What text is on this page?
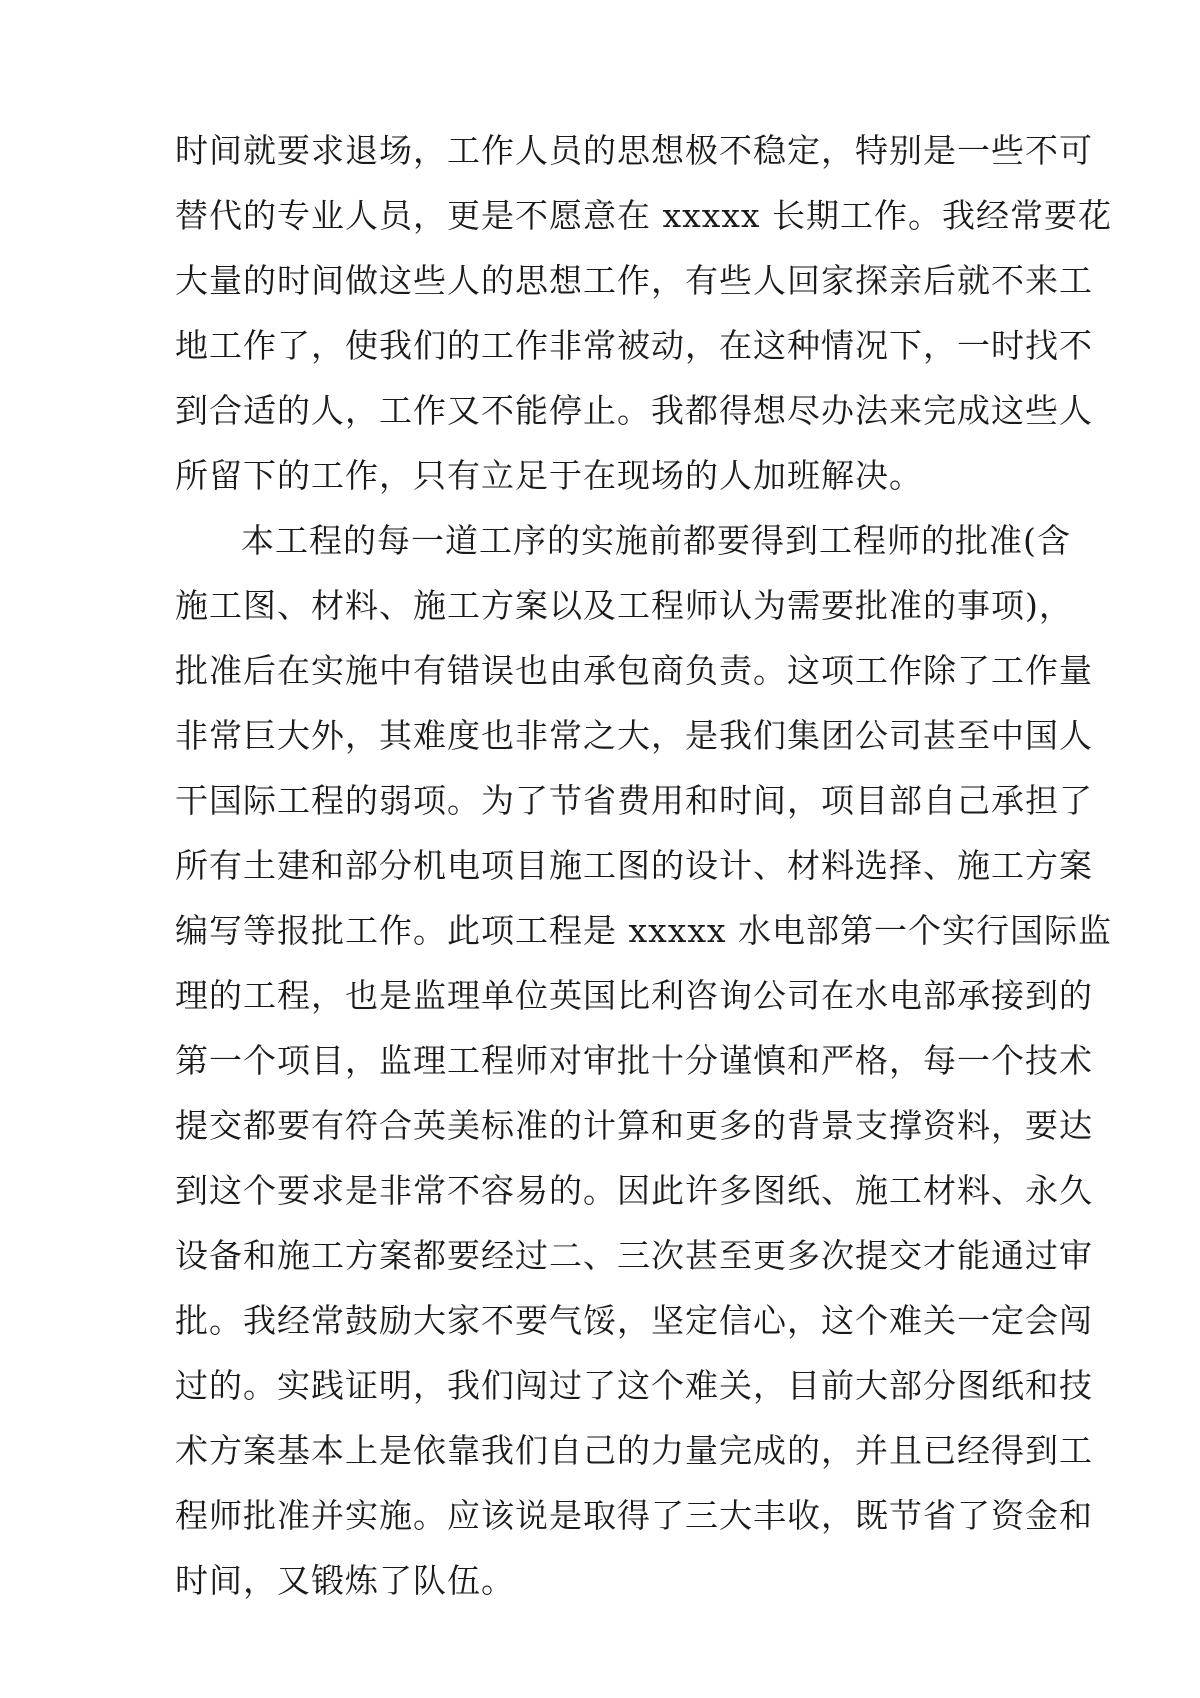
时间就要求退场，工作人员的思想极不稳定，特别是一些不可
替代的专业人员，更是不愿意在 xxxxx 长期工作。我经常要花
大量的时间做这些人的思想工作，有些人回家探亲后就不来工
地工作了，使我们的工作非常被动，在这种情况下，一时找不
到合适的人，工作又不能停止。我都得想尽办法来完成这些人
所留下的工作，只有立足于在现场的人加班解决。

本工程的每一道工序的实施前都要得到工程师的批准(含
施工图、材料、施工方案以及工程师认为需要批准的事项)，
批准后在实施中有错误也由承包商负责。这项工作除了工作量
非常巨大外，其难度也非常之大，是我们集团公司甚至中国人
干国际工程的弱项。为了节省费用和时间，项目部自己承担了
所有土建和部分机电项目施工图的设计、材料选择、施工方案
编写等报批工作。此项工程是 xxxxx 水电部第一个实行国际监
理的工程，也是监理单位英国比利咨询公司在水电部承接到的
第一个项目，监理工程师对审批十分谨慎和严格，每一个技术
提交都要有符合英美标准的计算和更多的背景支撑资料，要达
到这个要求是非常不容易的。因此许多图纸、施工材料、永久
设备和施工方案都要经过二、三次甚至更多次提交才能通过审
批。我经常鼓励大家不要气馁，坚定信心，这个难关一定会闯
过的。实践证明，我们闯过了这个难关，目前大部分图纸和技
术方案基本上是依靠我们自己的力量完成的，并且已经得到工
程师批准并实施。应该说是取得了三大丰收，既节省了资金和
时间，又锻炼了队伍。
